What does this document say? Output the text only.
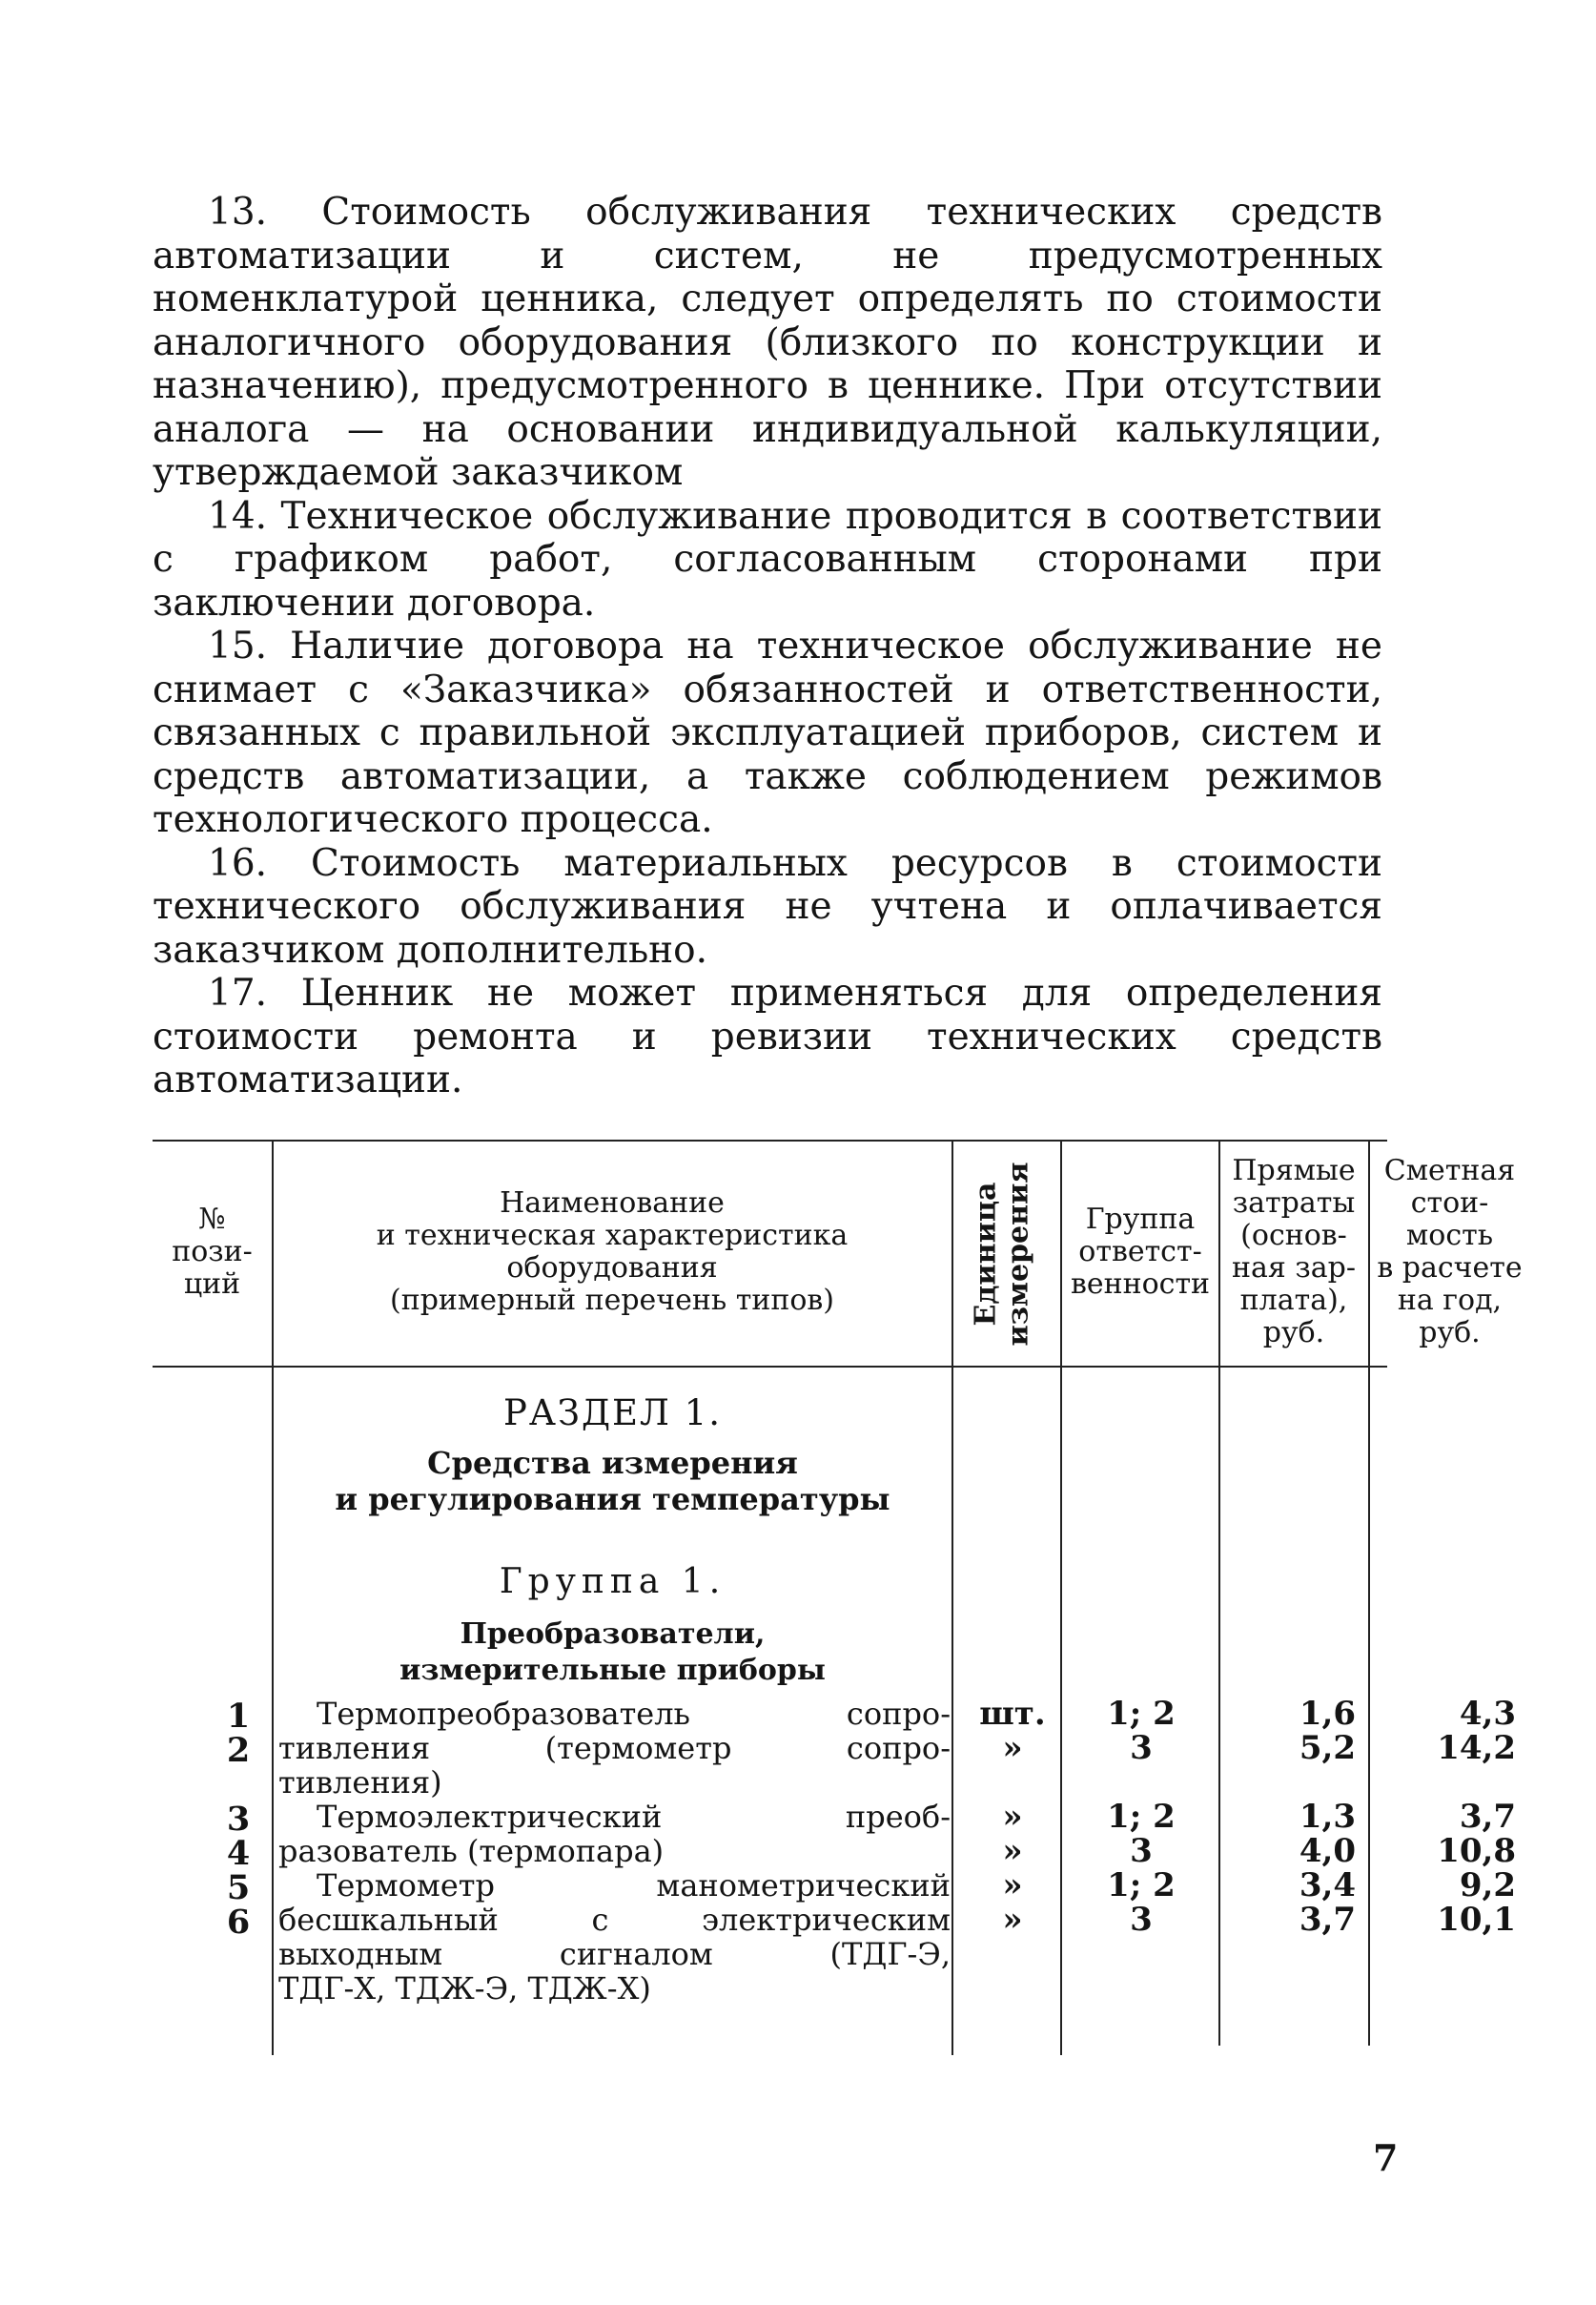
13. Стоимость обслуживания технических средств автоматизации и систем, не предусмотренных номенклатурой ценника, следует определять по стоимости аналогичного оборудования (близкого по конструкции и назначению), предусмотренного в ценнике. При отсутствии аналога — на основании индивидуальной калькуляции, утверждаемой заказчиком

14. Техническое обслуживание проводится в соответствии с графиком работ, согласованным сторонами при заключении договора.

15. Наличие договора на техническое обслуживание не снимает с «Заказчика» обязанностей и ответственности, связанных с правильной эксплуатацией приборов, систем и средств автоматизации, а также соблюдением режимов технологического процесса.

16. Стоимость материальных ресурсов в стоимости технического обслуживания не учтена и оплачивается заказчиком дополнительно.

17. Ценник не может применяться для определения стоимости ремонта и ревизии технических средств автоматизации.

№
пози-
ций
Наименование
и техническая характеристика
оборудования
(примерный перечень типов)	Единица
измерения Группа
ответст-
венности
Прямые
затраты
(основ-
ная зар-
плата),
руб.
Сметная
стои-
мость
в расчете
на год,
руб.
РАЗДЕЛ 1.
Средства измерения
и регулирования температуры
Группа 1.
Преобразователи,
измерительные приборы
1
2
3
4
5
6
Термопреобразователь сопро-
тивления (термометр сопро-
тивления)
Термоэлектрический преоб-
разователь (термопара)
Термометр манометрический
бесшкальный с электрическим
выходным сигналом (ТДГ-Э,
ТДГ-Х, ТДЖ-Э, ТДЖ-Х)
шт.
»
»
»
»
»
1; 2
3
1; 2
3
1; 2
3
1,6
5,2
1,3
4,0
3,4
3,7
4,3
14,2
3,7
10,8
9,2
10,1
7
